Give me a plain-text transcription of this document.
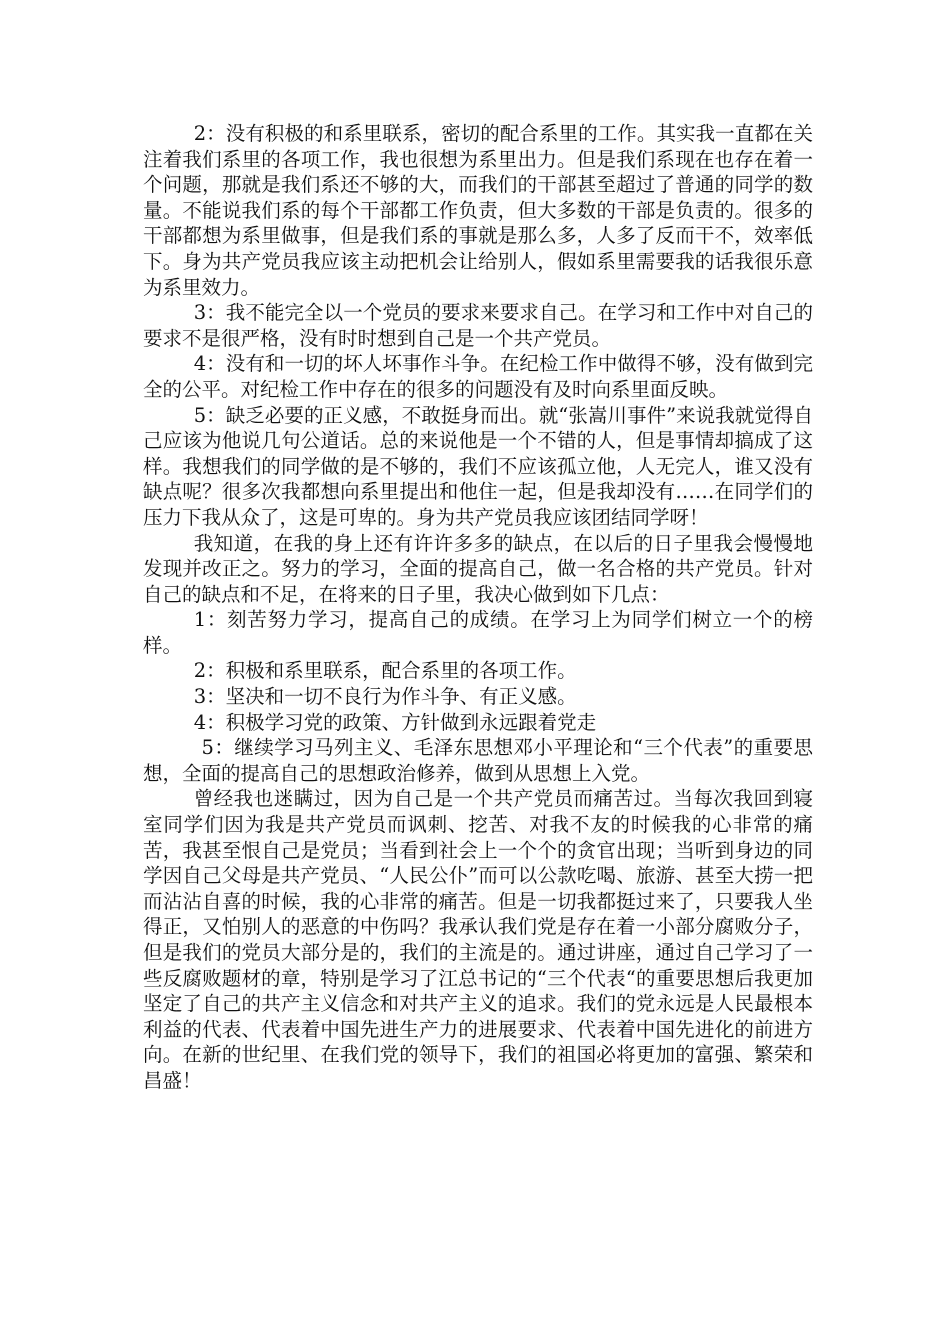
2：没有积极的和系里联系，密切的配合系里的工作。其实我一直都在关注着我们系里的各项工作，我也很想为系里出力。但是我们系现在也存在着一个问题，那就是我们系还不够的大，而我们的干部甚至超过了普通的同学的数量。不能说我们系的每个干部都工作负责，但大多数的干部是负责的。很多的干部都想为系里做事，但是我们系的事就是那么多，人多了反而干不，效率低下。身为共产党员我应该主动把机会让给别人，假如系里需要我的话我很乐意为系里效力。

3：我不能完全以一个党员的要求来要求自己。在学习和工作中对自己的要求不是很严格，没有时时想到自己是一个共产党员。

4：没有和一切的坏人坏事作斗争。在纪检工作中做得不够，没有做到完全的公平。对纪检工作中存在的很多的问题没有及时向系里面反映。

5：缺乏必要的正义感，不敢挺身而出。就“张嵩川事件”来说我就觉得自己应该为他说几句公道话。总的来说他是一个不错的人，但是事情却搞成了这样。我想我们的同学做的是不够的，我们不应该孤立他，人无完人，谁又没有缺点呢？很多次我都想向系里提出和他住一起，但是我却没有……在同学们的压力下我从众了，这是可卑的。身为共产党员我应该团结同学呀！

我知道，在我的身上还有许许多多的缺点，在以后的日子里我会慢慢地发现并改正之。努力的学习，全面的提高自己，做一名合格的共产党员。针对自己的缺点和不足，在将来的日子里，我决心做到如下几点：

1：刻苦努力学习，提高自己的成绩。在学习上为同学们树立一个的榜样。

2：积极和系里联系，配合系里的各项工作。

3：坚决和一切不良行为作斗争、有正义感。

4：积极学习党的政策、方针做到永远跟着党走

5：继续学习马列主义、毛泽东思想邓小平理论和“三个代表”的重要思想，全面的提高自己的思想政治修养，做到从思想上入党。

曾经我也迷瞒过，因为自己是一个共产党员而痛苦过。当每次我回到寝室同学们因为我是共产党员而讽刺、挖苦、对我不友的时候我的心非常的痛苦，我甚至恨自己是党员；当看到社会上一个个的贪官出现；当听到身边的同学因自己父母是共产党员、“人民公仆”而可以公款吃喝、旅游、甚至大捞一把而沾沾自喜的时候，我的心非常的痛苦。但是一切我都挺过来了，只要我人坐得正，又怕别人的恶意的中伤吗？我承认我们党是存在着一小部分腐败分子，但是我们的党员大部分是的，我们的主流是的。通过讲座，通过自己学习了一些反腐败题材的章，特别是学习了江总书记的“三个代表“的重要思想后我更加坚定了自己的共产主义信念和对共产主义的追求。我们的党永远是人民最根本利益的代表、代表着中国先进生产力的进展要求、代表着中国先进化的前进方向。在新的世纪里、在我们党的领导下，我们的祖国必将更加的富强、繁荣和昌盛！
